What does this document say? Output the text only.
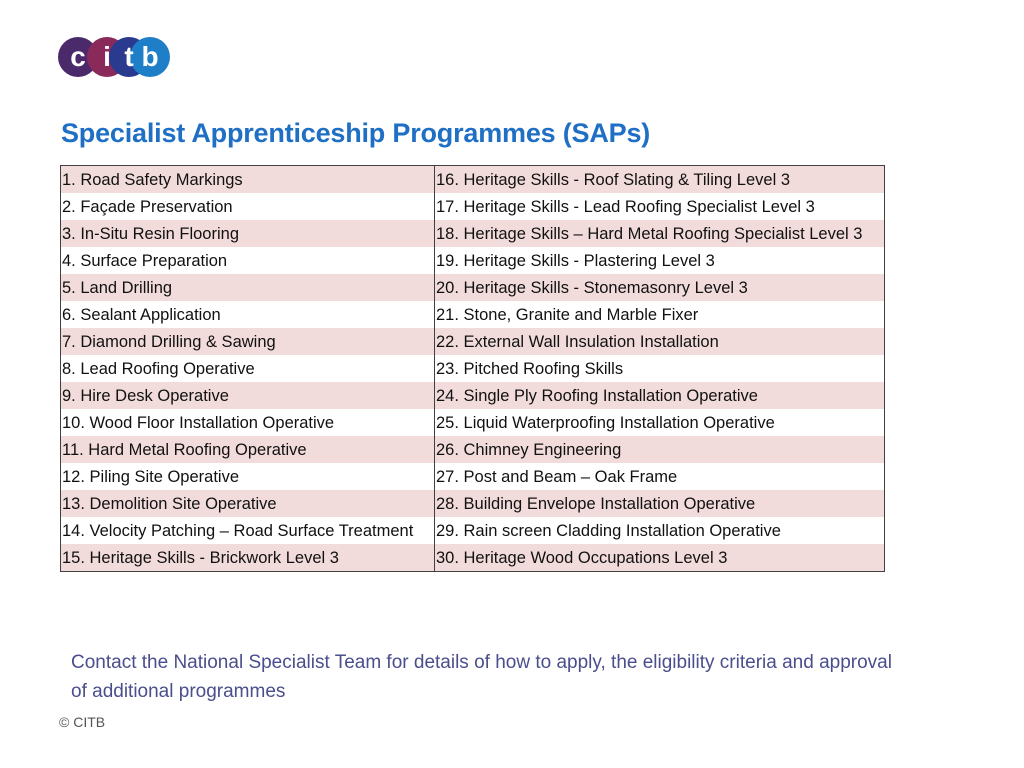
c i t b
Specialist Apprenticeship Programmes (SAPs)
1. Road Safety Markings	16. Heritage Skills - Roof Slating & Tiling Level 3
2. Façade Preservation	17. Heritage Skills - Lead Roofing Specialist Level 3
3. In-Situ Resin Flooring	18. Heritage Skills – Hard Metal Roofing Specialist Level 3
4. Surface Preparation	19. Heritage Skills - Plastering Level 3
5. Land Drilling	20. Heritage Skills - Stonemasonry Level 3
6. Sealant Application	21. Stone, Granite and Marble Fixer
7. Diamond Drilling & Sawing	22. External Wall Insulation Installation
8. Lead Roofing Operative	23. Pitched Roofing Skills
9. Hire Desk Operative	24. Single Ply Roofing Installation Operative
10. Wood Floor Installation Operative	25. Liquid Waterproofing Installation Operative
11. Hard Metal Roofing Operative	26. Chimney Engineering
12. Piling Site Operative	27. Post and Beam – Oak Frame
13. Demolition Site Operative	28. Building Envelope Installation Operative
14. Velocity Patching – Road Surface Treatment	29. Rain screen Cladding Installation Operative
15. Heritage Skills - Brickwork Level 3	30. Heritage Wood Occupations Level 3

Contact the National Specialist Team for details of how to apply, the eligibility criteria and approval of additional programmes

© CITB
